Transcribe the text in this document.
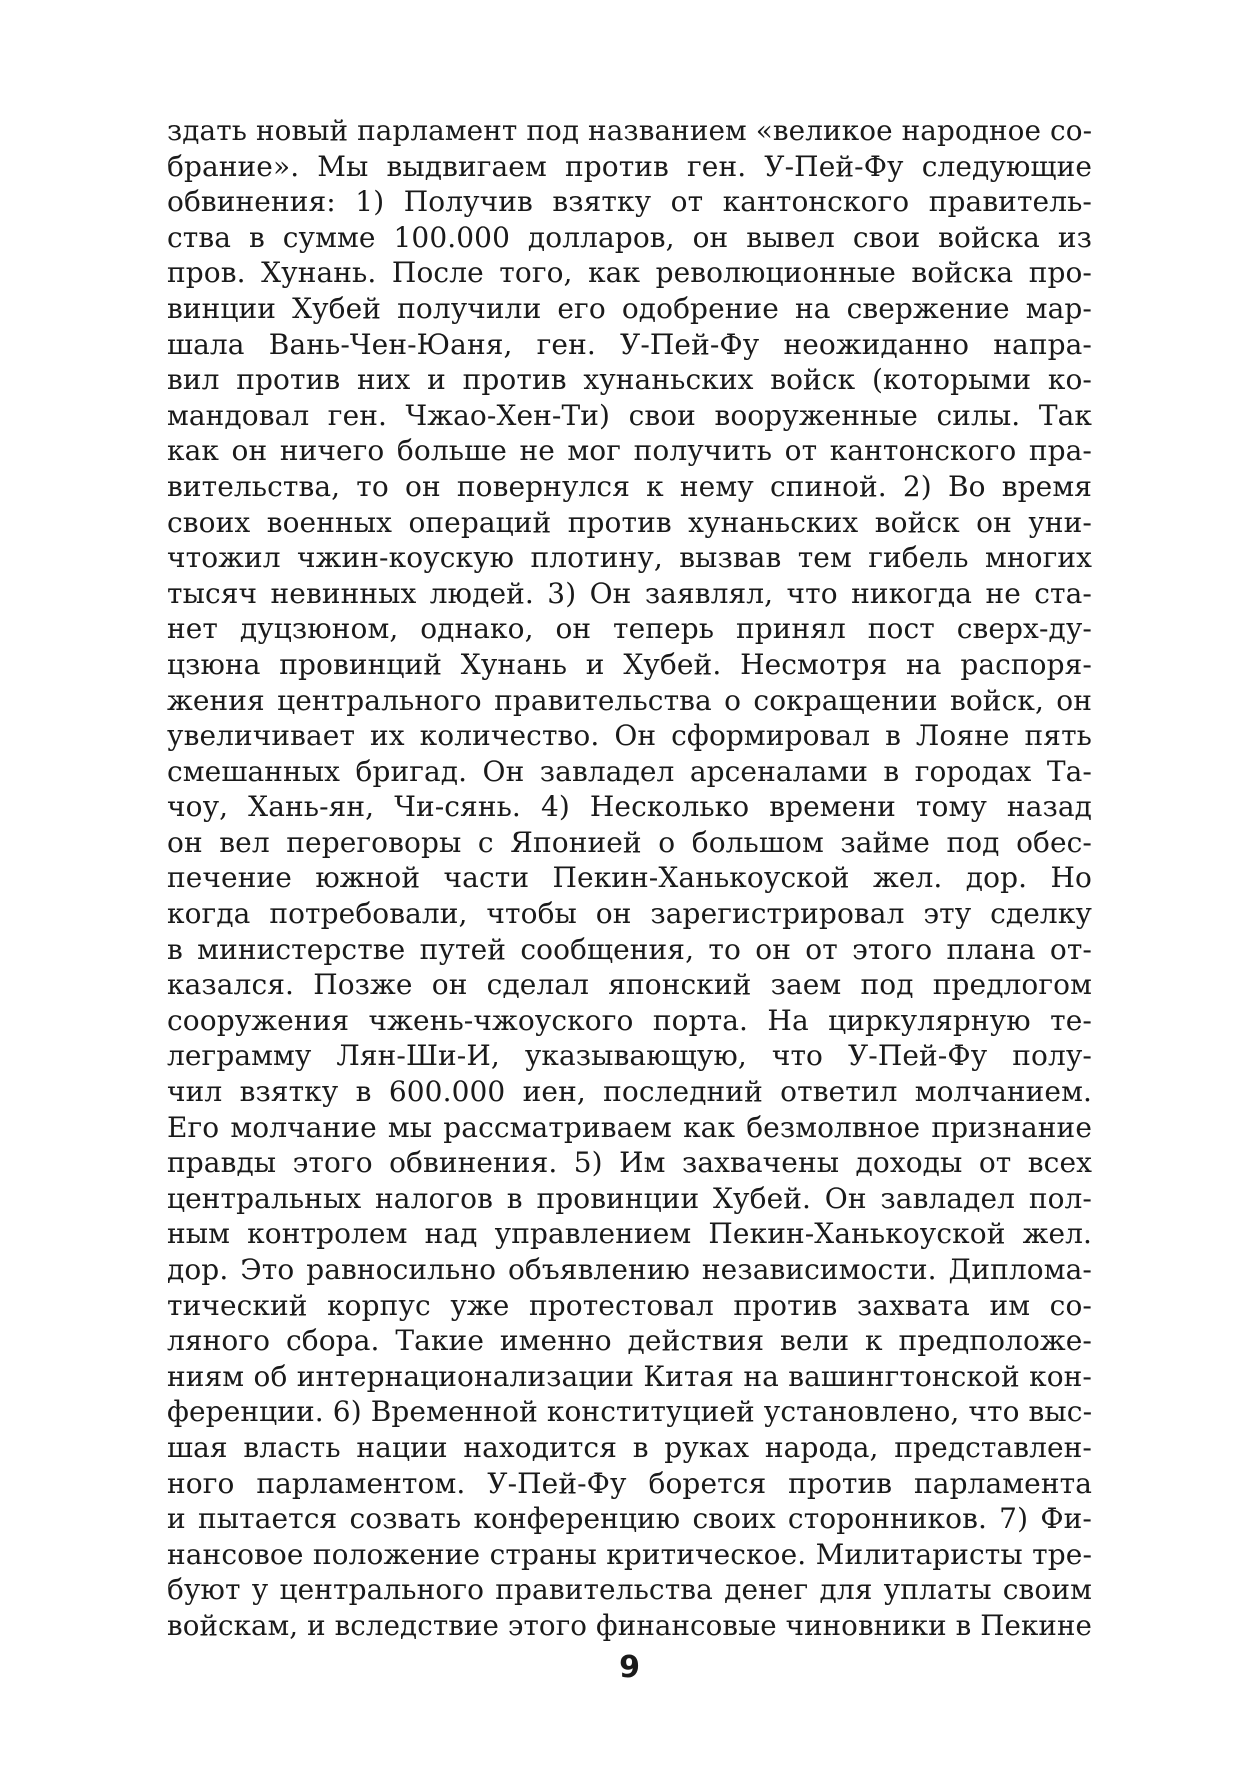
здать новый парламент под названием «великое народное со-
брание». Мы выдвигаем против ген. У-Пей-Фу следующие
обвинения: 1) Получив взятку от кантонского правитель-
ства в сумме 100.000 долларов, он вывел свои войска из
пров. Хунань. После того, как революционные войска про-
винции Хубей получили его одобрение на свержение мар-
шала Вань-Чен-Юаня, ген. У-Пей-Фу неожиданно напра-
вил против них и против хунаньских войск (которыми ко-
мандовал ген. Чжао-Хен-Ти) свои вооруженные силы. Так
как он ничего больше не мог получить от кантонского пра-
вительства, то он повернулся к нему спиной. 2) Во время
своих военных операций против хунаньских войск он уни-
чтожил чжин-коускую плотину, вызвав тем гибель многих
тысяч невинных людей. 3) Он заявлял, что никогда не ста-
нет дуцзюном, однако, он теперь принял пост сверх-ду-
цзюна провинций Хунань и Хубей. Несмотря на распоря-
жения центрального правительства о сокращении войск, он
увеличивает их количество. Он сформировал в Лояне пять
смешанных бригад. Он завладел арсеналами в городах Та-
чоу, Хань-ян, Чи-сянь. 4) Несколько времени тому назад
он вел переговоры с Японией о большом займе под обес-
печение южной части Пекин-Ханькоуской жел. дор. Но
когда потребовали, чтобы он зарегистрировал эту сделку
в министерстве путей сообщения, то он от этого плана от-
казался. Позже он сделал японский заем под предлогом
сооружения чжень-чжоуского порта. На циркулярную те-
леграмму Лян-Ши-И, указывающую, что У-Пей-Фу полу-
чил взятку в 600.000 иен, последний ответил молчанием.
Его молчание мы рассматриваем как безмолвное признание
правды этого обвинения. 5) Им захвачены доходы от всех
центральных налогов в провинции Хубей. Он завладел пол-
ным контролем над управлением Пекин-Ханькоуской жел.
дор. Это равносильно объявлению независимости. Диплома-
тический корпус уже протестовал против захвата им со-
ляного сбора. Такие именно действия вели к предположе-
ниям об интернационализации Китая на вашингтонской кон-
ференции. 6) Временной конституцией установлено, что выс-
шая власть нации находится в руках народа, представлен-
ного парламентом. У-Пей-Фу борется против парламента
и пытается созвать конференцию своих сторонников. 7) Фи-
нансовое положение страны критическое. Милитаристы тре-
буют у центрального правительства денег для уплаты своим
войскам, и вследствие этого финансовые чиновники в Пекине
9
